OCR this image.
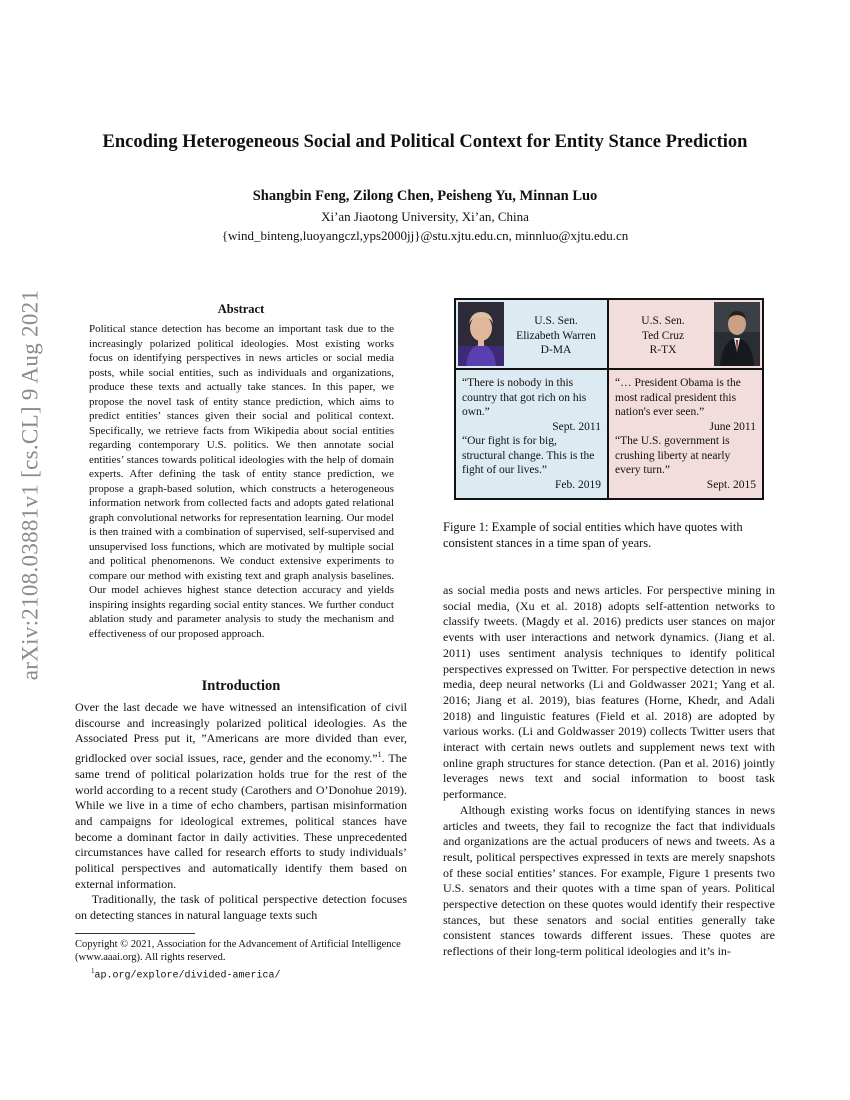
arXiv:2108.03881v1 [cs.CL] 9 Aug 2021
Encoding Heterogeneous Social and Political Context for Entity Stance Prediction
Shangbin Feng, Zilong Chen, Peisheng Yu, Minnan Luo
Xi’an Jiaotong University, Xi’an, China
{wind_binteng,luoyangczl,yps2000jj}@stu.xjtu.edu.cn, minnluo@xjtu.edu.cn
Abstract
Political stance detection has become an important task due to the increasingly polarized political ideologies. Most existing works focus on identifying perspectives in news articles or social media posts, while social entities, such as individuals and organizations, produce these texts and actually take stances. In this paper, we propose the novel task of entity stance prediction, which aims to predict entities’ stances given their social and political context. Specifically, we retrieve facts from Wikipedia about social entities regarding contemporary U.S. politics. We then annotate social entities’ stances towards political ideologies with the help of domain experts. After defining the task of entity stance prediction, we propose a graph-based solution, which constructs a heterogeneous information network from collected facts and adopts gated relational graph convolutional networks for representation learning. Our model is then trained with a combination of supervised, self-supervised and unsupervised loss functions, which are motivated by multiple social and political phenomenons. We conduct extensive experiments to compare our method with existing text and graph analysis baselines. Our model achieves highest stance detection accuracy and yields inspiring insights regarding social entity stances. We further conduct ablation study and parameter analysis to study the mechanism and effectiveness of our proposed approach.
Introduction

Over the last decade we have witnessed an intensification of civil discourse and increasingly polarized political ideologies. As the Associated Press put it, ”Americans are more divided than ever, gridlocked over social issues, race, gender and the economy.”$^1$. The same trend of political polarization holds true for the rest of the world according to a recent study (Carothers and O’Donohue 2019). While we live in a time of echo chambers, partisan misinformation and campaigns for ideological extremes, political stances have become a dominant factor in daily activities. These unprecedented circumstances have called for research efforts to study individuals’ political perspectives and automatically identify them based on external information.

Traditionally, the task of political perspective detection focuses on detecting stances in natural language texts such

Copyright © 2021, Association for the Advancement of Artificial Intelligence (www.aaai.org). All rights reserved.
$^1$ap.org/explore/divided-america/
U.S. Sen.
Elizabeth Warren
D-MA
U.S. Sen.
Ted Cruz
R-TX

“There is nobody in this country that got rich on his own.”

Sept. 2011

“Our fight is for big, structural change. This is the fight of our lives.”

Feb. 2019

“… President Obama is the most radical president this nation's ever seen.”

June 2011

“The U.S. government is crushing liberty at nearly every turn.”

Sept. 2015

Figure 1: Example of social entities which have quotes with consistent stances in a time span of years.

as social media posts and news articles. For perspective mining in social media, (Xu et al. 2018) adopts self-attention networks to classify tweets. (Magdy et al. 2016) predicts user stances on major events with user interactions and network dynamics. (Jiang et al. 2011) uses sentiment analysis techniques to identify political perspectives expressed on Twitter. For perspective detection in news media, deep neural networks (Li and Goldwasser 2021; Yang et al. 2016; Jiang et al. 2019), bias features (Horne, Khedr, and Adali 2018) and linguistic features (Field et al. 2018) are adopted by various works. (Li and Goldwasser 2019) collects Twitter users that interact with certain news outlets and supplement news text with online graph structures for stance detection. (Pan et al. 2016) jointly leverages news text and social information to boost task performance.

Although existing works focus on identifying stances in news articles and tweets, they fail to recognize the fact that individuals and organizations are the actual producers of news and tweets. As a result, political perspectives expressed in texts are merely snapshots of these social entities’ stances. For example, Figure 1 presents two U.S. senators and their quotes with a time span of years. Political perspective detection on these quotes would identify their respective stances, but these senators and social entities generally take consistent stances towards different issues. These quotes are reflections of their long-term political ideologies and it’s in-
